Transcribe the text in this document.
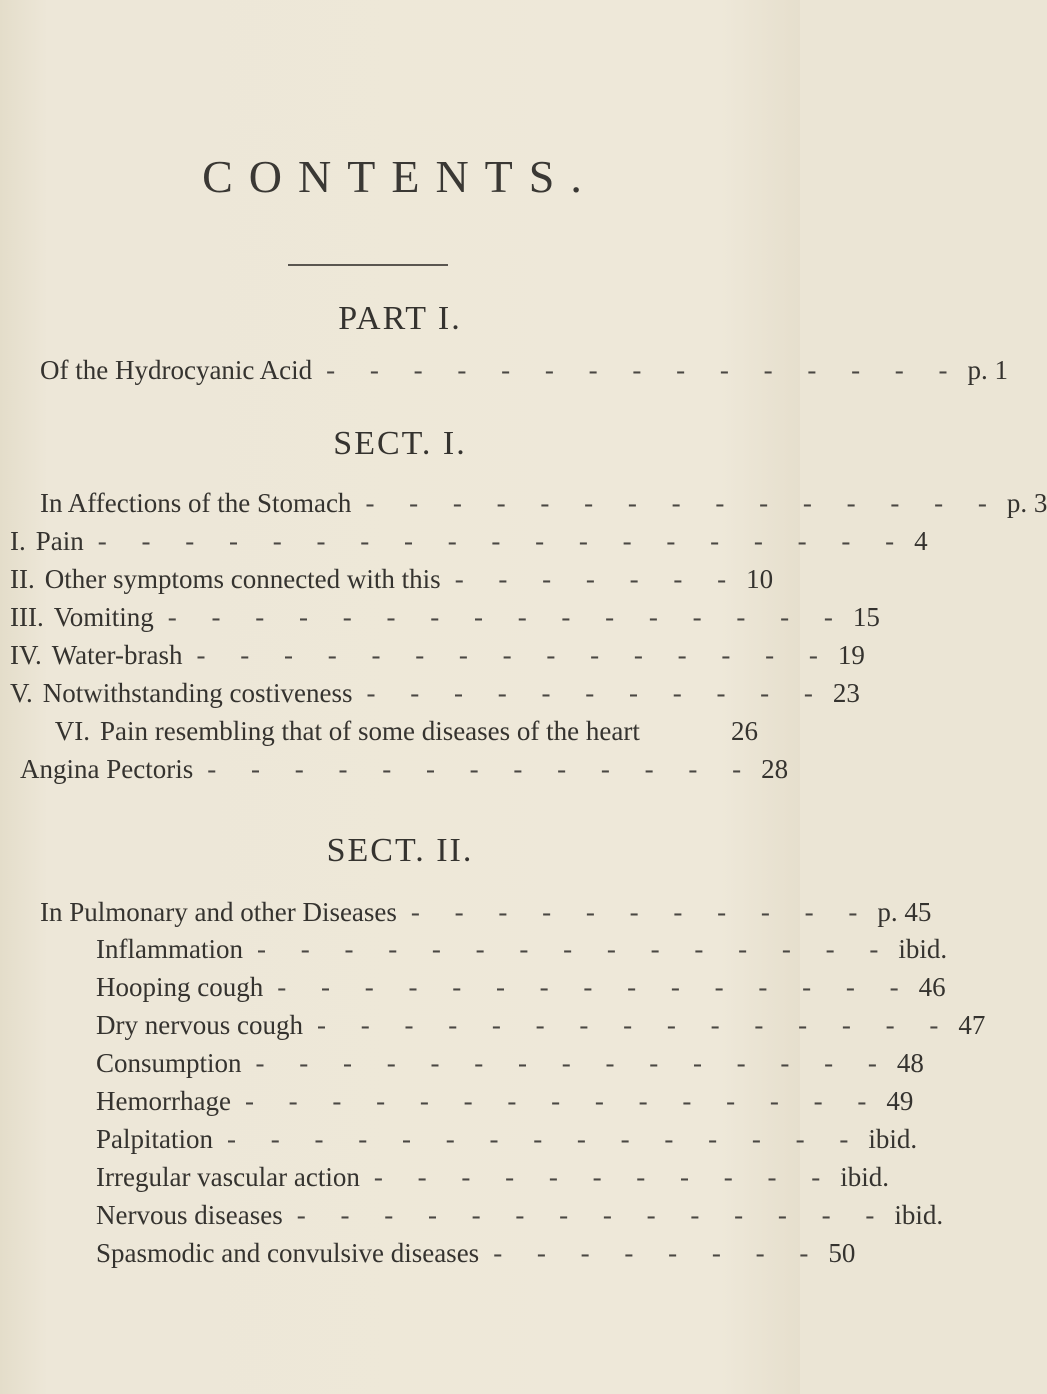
CONTENTS.
PART I.
Of the Hydrocyanic Acid - - - - - - - - - - - - - - - p. 1
SECT. I.
In Affections of the Stomach - - - - - - - - - - - - - - - p. 3
I. Pain - - - - - - - - - - - - - - - - - - - 4
II. Other symptoms connected with this - - - - - - - 10
III. Vomiting - - - - - - - - - - - - - - - - 15
IV. Water-brash - - - - - - - - - - - - - - - 19
V. Notwithstanding costiveness - - - - - - - - - - - 23
VI. Pain resembling that of some diseases of the heart	26
Angina Pectoris - - - - - - - - - - - - - 28
SECT. II.
In Pulmonary and other Diseases - - - - - - - - - - - p. 45
Inflammation - - - - - - - - - - - - - - - ibid.
Hooping cough - - - - - - - - - - - - - - - 46
Dry nervous cough - - - - - - - - - - - - - - - 47
Consumption - - - - - - - - - - - - - - - 48
Hemorrhage - - - - - - - - - - - - - - - 49
Palpitation - - - - - - - - - - - - - - - ibid.
Irregular vascular action - - - - - - - - - - - ibid.
Nervous diseases - - - - - - - - - - - - - - ibid.
Spasmodic and convulsive diseases - - - - - - - - 50
